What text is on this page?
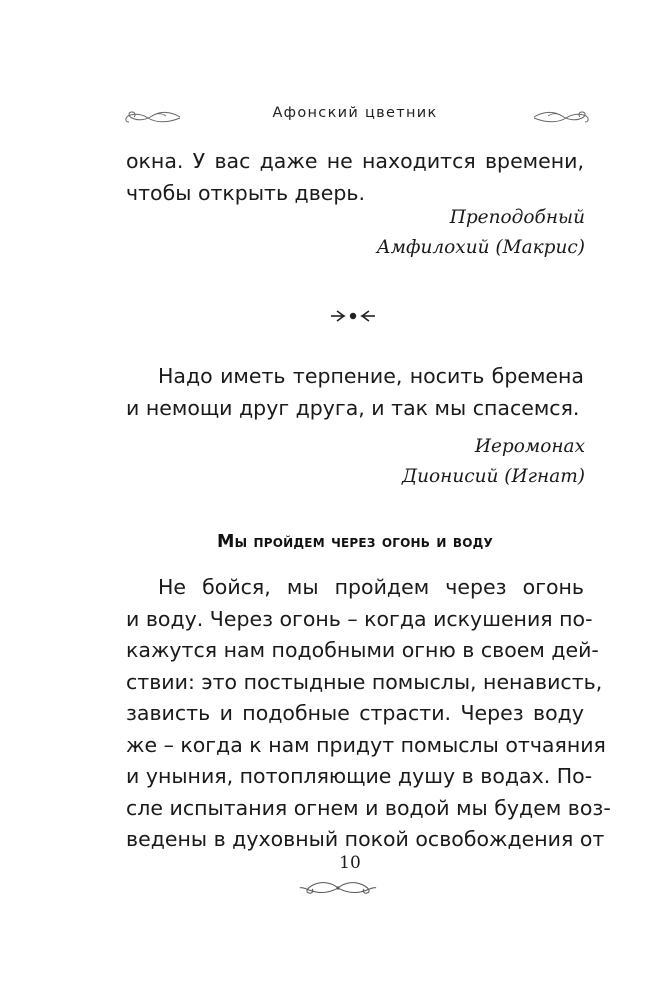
Афонский цветник
окна. У вас даже не находится времени,
чтобы открыть дверь.
Преподобный
Амфилохий (Макрис)
Надо иметь терпение, носить бремена
и немощи друг друга, и так мы спасемся.
Иеромонах
Дионисий (Игнат)
Мы пройдем через огонь и воду
Не бойся, мы пройдем через огонь
и воду. Через огонь – когда искушения по-
кажутся нам подобными огню в своем дей-
ствии: это постыдные помыслы, ненависть,
зависть и подобные страсти. Через воду
же – когда к нам придут помыслы отчаяния
и уныния, потопляющие душу в водах. По-
сле испытания огнем и водой мы будем воз-
ведены в духовный покой освобождения от
10
